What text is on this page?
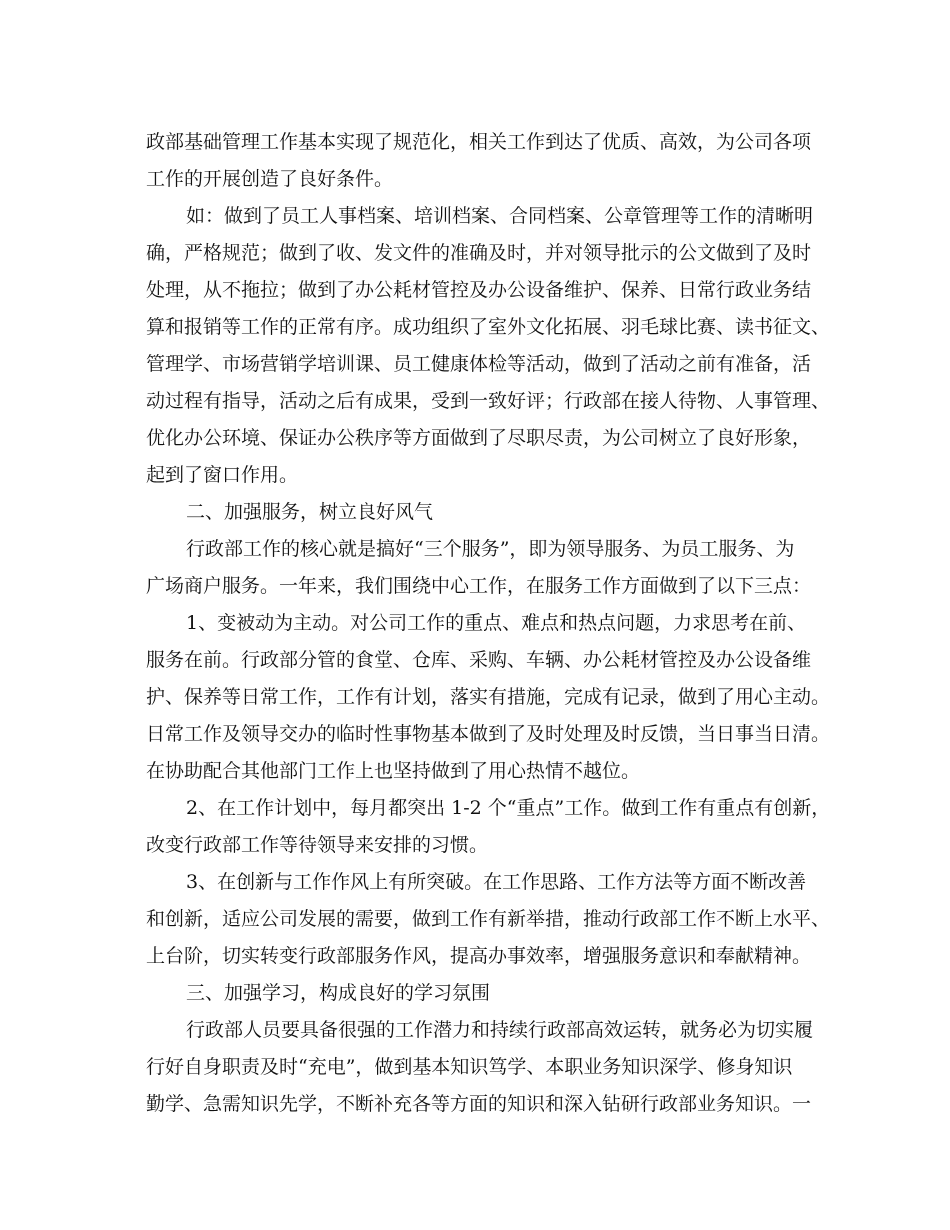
政部基础管理工作基本实现了规范化，相关工作到达了优质、高效，为公司各项
工作的开展创造了良好条件。
如：做到了员工人事档案、培训档案、合同档案、公章管理等工作的清晰明
确，严格规范；做到了收、发文件的准确及时，并对领导批示的公文做到了及时
处理，从不拖拉；做到了办公耗材管控及办公设备维护、保养、日常行政业务结
算和报销等工作的正常有序。成功组织了室外文化拓展、羽毛球比赛、读书征文、
管理学、市场营销学培训课、员工健康体检等活动，做到了活动之前有准备，活
动过程有指导，活动之后有成果，受到一致好评；行政部在接人待物、人事管理、
优化办公环境、保证办公秩序等方面做到了尽职尽责，为公司树立了良好形象，
起到了窗口作用。
二、加强服务，树立良好风气
行政部工作的核心就是搞好“三个服务”，即为领导服务、为员工服务、为
广场商户服务。一年来，我们围绕中心工作，在服务工作方面做到了以下三点：
1、变被动为主动。对公司工作的重点、难点和热点问题，力求思考在前、
服务在前。行政部分管的食堂、仓库、采购、车辆、办公耗材管控及办公设备维
护、保养等日常工作，工作有计划，落实有措施，完成有记录，做到了用心主动。
日常工作及领导交办的临时性事物基本做到了及时处理及时反馈，当日事当日清。
在协助配合其他部门工作上也坚持做到了用心热情不越位。
2、在工作计划中，每月都突出 1-2 个“重点”工作。做到工作有重点有创新，
改变行政部工作等待领导来安排的习惯。
3、在创新与工作作风上有所突破。在工作思路、工作方法等方面不断改善
和创新，适应公司发展的需要，做到工作有新举措，推动行政部工作不断上水平、
上台阶，切实转变行政部服务作风，提高办事效率，增强服务意识和奉献精神。
三、加强学习，构成良好的学习氛围
行政部人员要具备很强的工作潜力和持续行政部高效运转，就务必为切实履
行好自身职责及时“充电”，做到基本知识笃学、本职业务知识深学、修身知识
勤学、急需知识先学，不断补充各等方面的知识和深入钻研行政部业务知识。一
